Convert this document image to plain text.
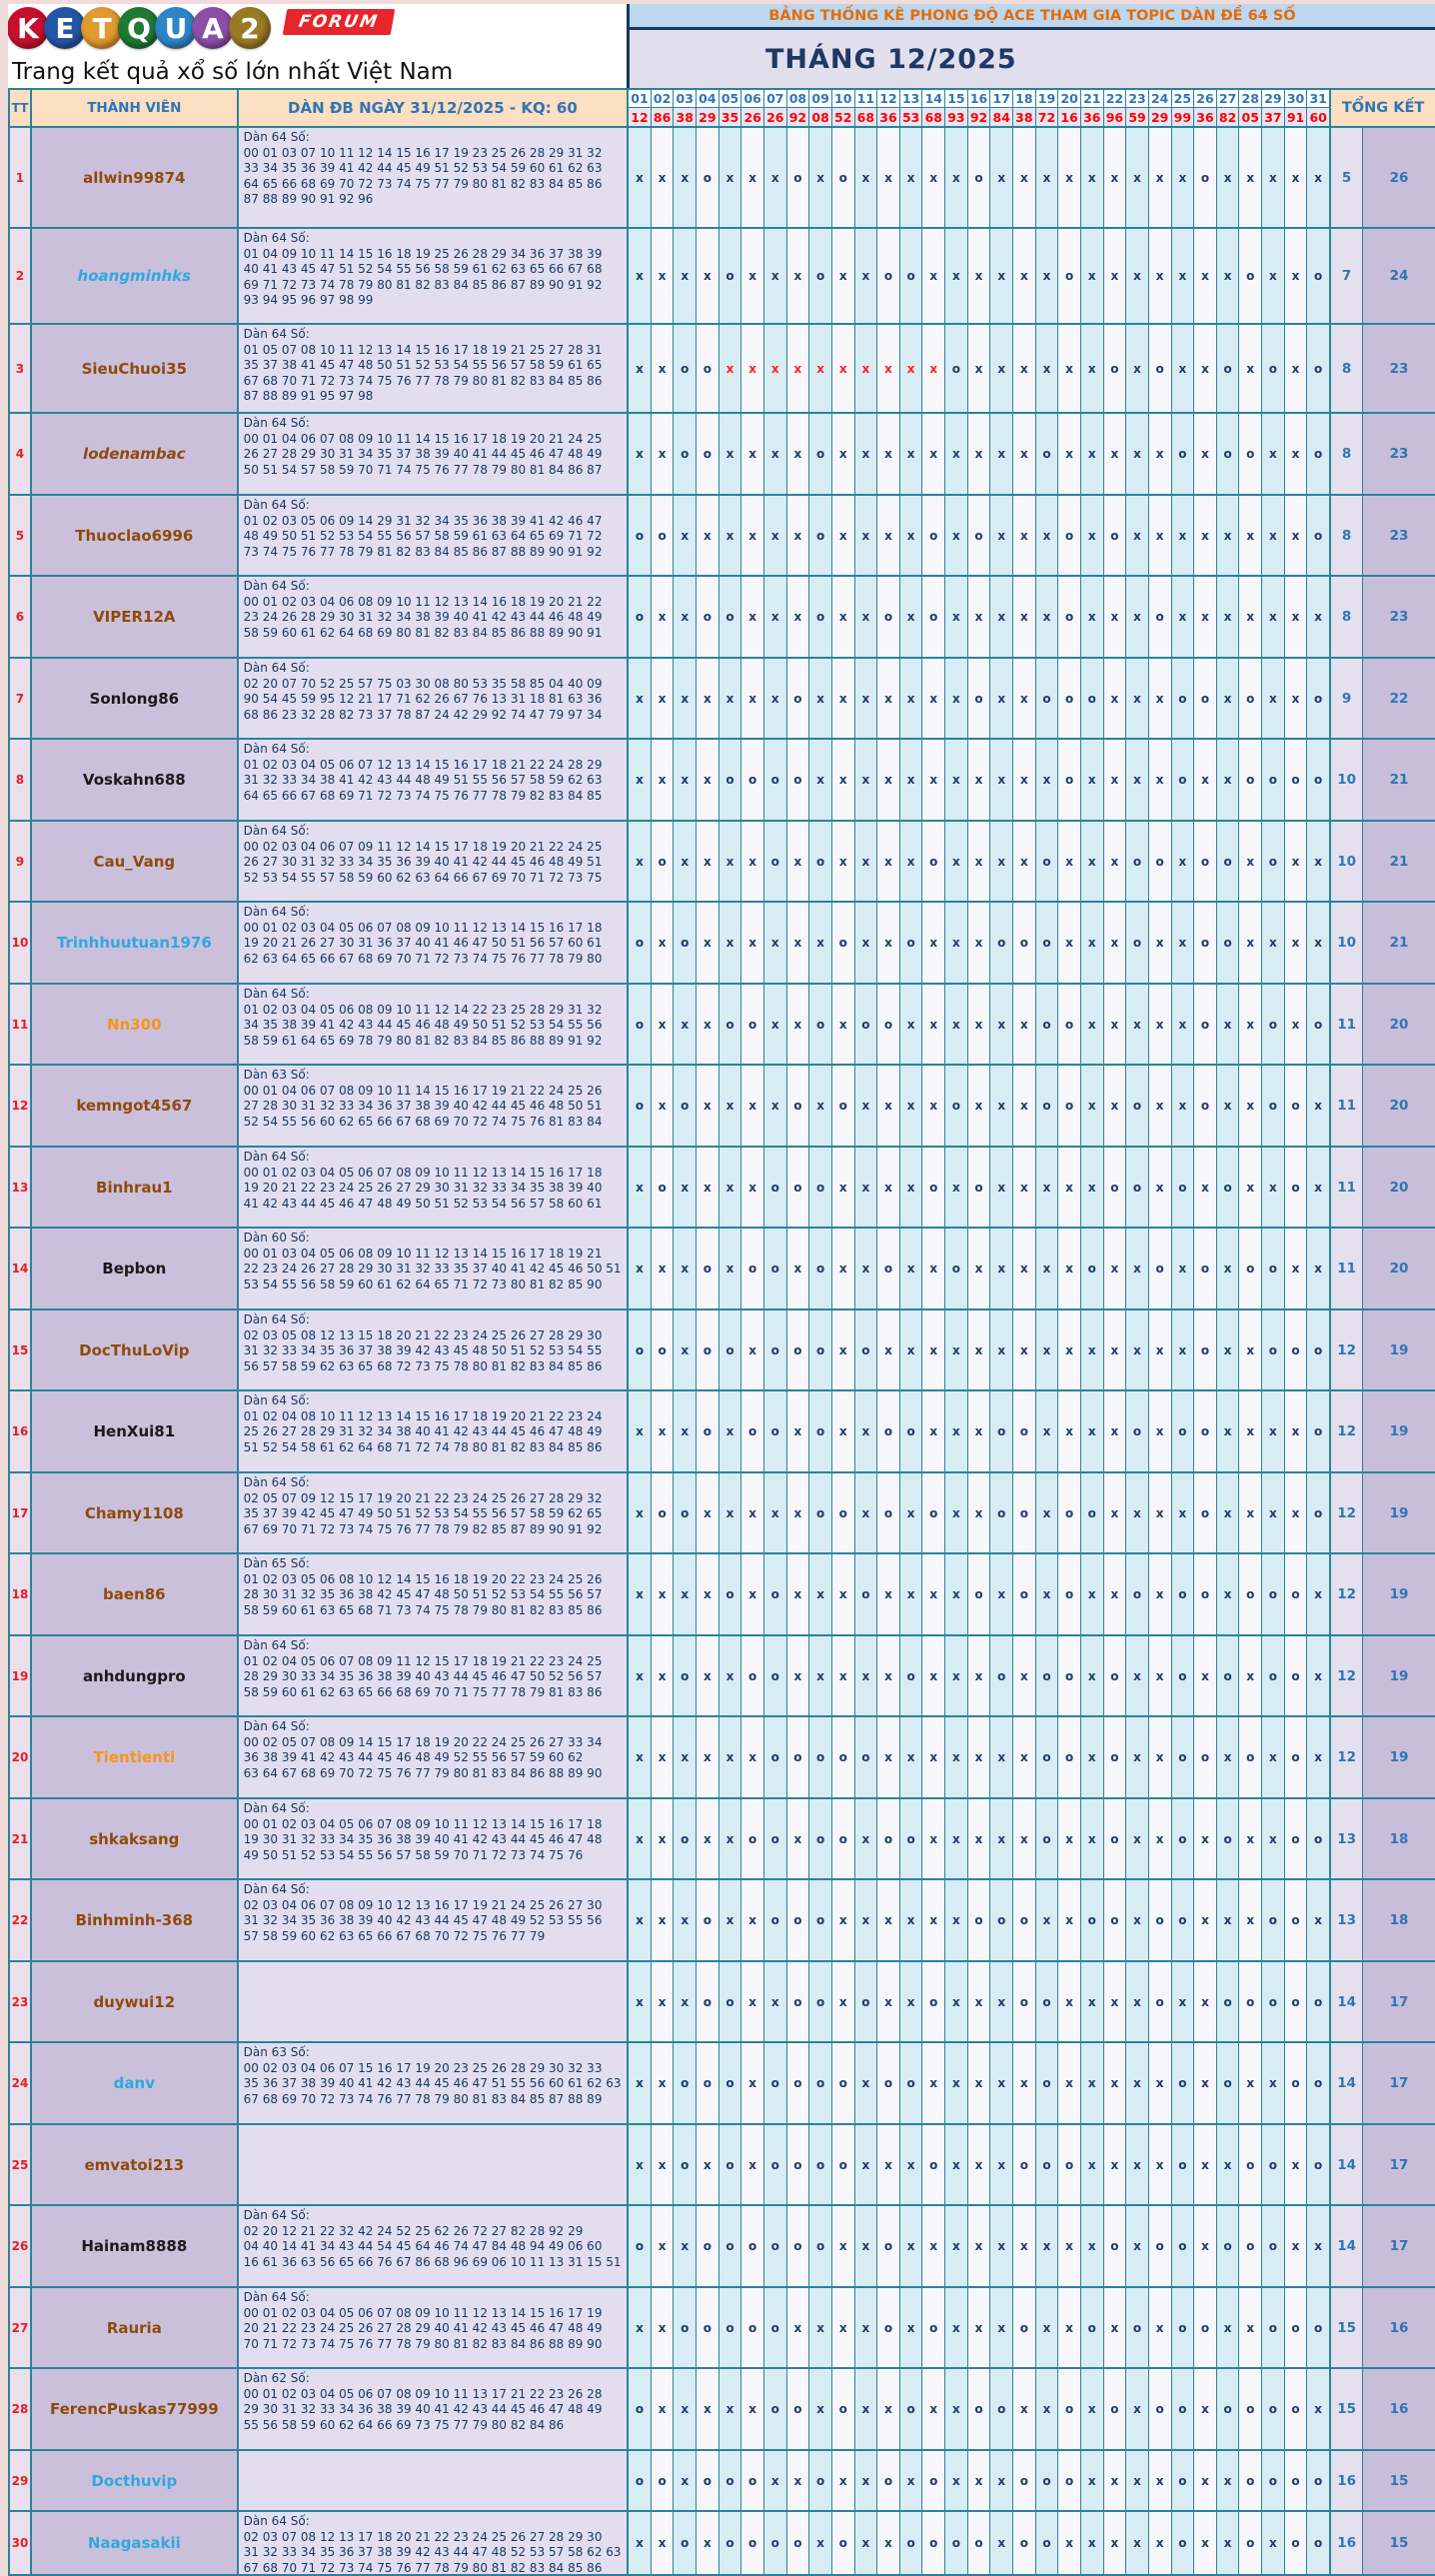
K E T Q U A 2	FORUM
Trang kết quả xổ số lớn nhất Việt Nam
BẢNG THỐNG KÊ PHONG ĐỘ ACE THAM GIA TOPIC DÀN ĐỀ 64 SỐ
THÁNG 12/2025
TT	THÀNH VIÊN	DÀN ĐB NGÀY 31/12/2025 - KQ: 60
01 02 03 04 05 06 07 08 09 10 11 12 13 14 15 16 17 18 19 20 21 22 23 24 25 26 27 28 29 30 31
12 86 38 29 35 26 26 92 08 52 68 36 53 68 93 92 84 38 72 16 36 96 59 29 99 36 82 05 37 91 60
TỔNG KẾT
1	allwin99874
Dàn 64 Số:
00 01 03 07 10 11 12 14 15 16 17 19 23 25 26 28 29 31 32
33 34 35 36 39 41 42 44 45 49 51 52 53 54 59 60 61 62 63
64 65 66 68 69 70 72 73 74 75 77 79 80 81 82 83 84 85 86
87 88 89 90 91 92 96
x	x	x	o	x	x	x	o	x	o	x	x	x	x	x	o	x	x	x	x	x	x	x	x	x	o	x	x	x	x	x	5	26
2	hoangminhks
Dàn 64 Số:
01 04 09 10 11 14 15 16 18 19 25 26 28 29 34 36 37 38 39
40 41 43 45 47 51 52 54 55 56 58 59 61 62 63 65 66 67 68
69 71 72 73 74 78 79 80 81 82 83 84 85 86 87 89 90 91 92
93 94 95 96 97 98 99
x	x	x	x	o	x	x	x	o	x	x	o	o	x	x	x	x	x	x	o	x	x	x	x	x	x	x	o	x	x	o	7	24
3	SieuChuoi35
Dàn 64 Số:
01 05 07 08 10 11 12 13 14 15 16 17 18 19 21 25 27 28 31
35 37 38 41 45 47 48 50 51 52 53 54 55 56 57 58 59 61 65
67 68 70 71 72 73 74 75 76 77 78 79 80 81 82 83 84 85 86
87 88 89 91 95 97 98
x	x	o	o	x	x	x	x	x	x	x	x	x	x	o	x	x	x	x	x	x	o	x	o	x	x	o	x	o	x	o	8	23
4	lodenambac
Dàn 64 Số:
00 01 04 06 07 08 09 10 11 14 15 16 17 18 19 20 21 24 25
26 27 28 29 30 31 34 35 37 38 39 40 41 44 45 46 47 48 49
50 51 54 57 58 59 70 71 74 75 76 77 78 79 80 81 84 86 87
x	x	o	o	x	x	x	x	o	x	x	x	x	x	x	x	x	x	o	x	x	x	x	x	o	x	o	o	x	x	o	8	23
5	Thuoclao6996
Dàn 64 Số:
01 02 03 05 06 09 14 29 31 32 34 35 36 38 39 41 42 46 47
48 49 50 51 52 53 54 55 56 57 58 59 61 63 64 65 69 71 72
73 74 75 76 77 78 79 81 82 83 84 85 86 87 88 89 90 91 92
o	o	x	x	x	x	x	x	o	x	x	x	x	o	x	o	x	x	x	o	x	o	x	x	x	x	x	x	x	x	o	8	23
6	VIPER12A
Dàn 64 Số:
00 01 02 03 04 06 08 09 10 11 12 13 14 16 18 19 20 21 22
23 24 26 28 29 30 31 32 34 38 39 40 41 42 43 44 46 48 49
58 59 60 61 62 64 68 69 80 81 82 83 84 85 86 88 89 90 91
o	x	x	o	o	x	x	x	o	x	x	o	x	o	x	x	x	x	x	o	x	x	x	o	x	x	x	x	x	x	x	8	23
7	Sonlong86
Dàn 64 Số:
02 20 07 70 52 25 57 75 03 30 08 80 53 35 58 85 04 40 09
90 54 45 59 95 12 21 17 71 62 26 67 76 13 31 18 81 63 36
68 86 23 32 28 82 73 37 78 87 24 42 29 92 74 47 79 97 34
x	x	x	x	x	x	x	o	x	x	x	x	x	x	x	o	x	x	o	o	o	x	x	x	o	o	x	o	x	x	o	9	22
8	Voskahn688
Dàn 64 Số:
01 02 03 04 05 06 07 12 13 14 15 16 17 18 21 22 24 28 29
31 32 33 34 38 41 42 43 44 48 49 51 55 56 57 58 59 62 63
64 65 66 67 68 69 71 72 73 74 75 76 77 78 79 82 83 84 85
x	x	x	x	o	o	o	o	x	x	x	x	x	x	x	x	x	x	x	o	x	x	x	x	o	x	x	o	o	o	o	10	21
9	Cau_Vang
Dàn 64 Số:
00 02 03 04 06 07 09 11 12 14 15 17 18 19 20 21 22 24 25
26 27 30 31 32 33 34 35 36 39 40 41 42 44 45 46 48 49 51
52 53 54 55 57 58 59 60 62 63 64 66 67 69 70 71 72 73 75
x	o	x	x	x	x	o	x	o	x	x	x	x	o	x	x	x	x	o	x	x	x	o	o	x	o	o	x	o	x	x	10	21
10	Trinhhuutuan1976
Dàn 64 Số:
00 01 02 03 04 05 06 07 08 09 10 11 12 13 14 15 16 17 18
19 20 21 26 27 30 31 36 37 40 41 46 47 50 51 56 57 60 61
62 63 64 65 66 67 68 69 70 71 72 73 74 75 76 77 78 79 80
o	x	o	x	x	x	x	x	x	o	x	x	o	x	x	x	o	o	o	x	x	x	o	x	x	o	o	x	x	x	x	10	21
11	Nn300
Dàn 64 Số:
01 02 03 04 05 06 08 09 10 11 12 14 22 23 25 28 29 31 32
34 35 38 39 41 42 43 44 45 46 48 49 50 51 52 53 54 55 56
58 59 61 64 65 69 78 79 80 81 82 83 84 85 86 88 89 91 92
o	x	x	x	o	o	x	x	o	x	o	o	x	x	x	x	x	x	o	o	x	x	x	x	x	o	x	x	o	x	o	11	20
12	kemngot4567
Dàn 63 Số:
00 01 04 06 07 08 09 10 11 14 15 16 17 19 21 22 24 25 26
27 28 30 31 32 33 34 36 37 38 39 40 42 44 45 46 48 50 51
52 54 55 56 60 62 65 66 67 68 69 70 72 74 75 76 81 83 84
o	x	o	x	x	x	x	o	x	o	x	x	x	x	o	x	x	x	o	o	x	x	o	x	x	o	x	x	o	o	x	11	20
13	Binhrau1
Dàn 64 Số:
00 01 02 03 04 05 06 07 08 09 10 11 12 13 14 15 16 17 18
19 20 21 22 23 24 25 26 27 29 30 31 32 33 34 35 38 39 40
41 42 43 44 45 46 47 48 49 50 51 52 53 54 56 57 58 60 61
x	o	x	x	x	x	o	o	o	x	x	x	x	o	x	o	x	x	x	x	x	o	o	x	o	x	o	x	x	o	x	11	20
14	Bepbon
Dàn 60 Số:
00 01 03 04 05 06 08 09 10 11 12 13 14 15 16 17 18 19 21
22 23 24 26 27 28 29 30 31 32 33 35 37 40 41 42 45 46 50 51
53 54 55 56 58 59 60 61 62 64 65 71 72 73 80 81 82 85 90
x	x	x	o	x	o	o	x	o	x	x	o	x	x	o	x	x	x	x	x	o	x	x	o	x	o	x	o	o	x	x	11	20
15	DocThuLoVip
Dàn 64 Số:
02 03 05 08 12 13 15 18 20 21 22 23 24 25 26 27 28 29 30
31 32 33 34 35 36 37 38 39 42 43 45 48 50 51 52 53 54 55
56 57 58 59 62 63 65 68 72 73 75 78 80 81 82 83 84 85 86
o	o	x	o	o	x	o	o	o	x	o	x	x	x	x	x	x	x	x	x	x	x	x	x	x	o	x	x	o	o	o	12	19
16	HenXui81
Dàn 64 Số:
01 02 04 08 10 11 12 13 14 15 16 17 18 19 20 21 22 23 24
25 26 27 28 29 31 32 34 38 40 41 42 43 44 45 46 47 48 49
51 52 54 58 61 62 64 68 71 72 74 78 80 81 82 83 84 85 86
x	x	x	o	x	o	o	x	o	x	x	o	o	x	x	x	o	o	x	x	x	x	o	x	o	o	x	x	x	x	o	12	19
17	Chamy1108
Dàn 64 Số:
02 05 07 09 12 15 17 19 20 21 22 23 24 25 26 27 28 29 32
35 37 39 42 45 47 49 50 51 52 53 54 55 56 57 58 59 62 65
67 69 70 71 72 73 74 75 76 77 78 79 82 85 87 89 90 91 92
x	o	o	x	x	x	x	x	o	o	x	o	x	o	x	x	o	o	x	o	o	x	x	x	x	o	x	x	x	x	o	12	19
18	baen86
Dàn 65 Số:
01 02 03 05 06 08 10 12 14 15 16 18 19 20 22 23 24 25 26
28 30 31 32 35 36 38 42 45 47 48 50 51 52 53 54 55 56 57
58 59 60 61 63 65 68 71 73 74 75 78 79 80 81 82 83 85 86
x	x	x	x	o	x	o	x	x	x	o	x	x	x	x	o	x	o	x	o	x	x	o	x	o	o	x	o	o	o	x	12	19
19	anhdungpro
Dàn 64 Số:
01 02 04 05 06 07 08 09 11 12 15 17 18 19 21 22 23 24 25
28 29 30 33 34 35 36 38 39 40 43 44 45 46 47 50 52 56 57
58 59 60 61 62 63 65 66 68 69 70 71 75 77 78 79 81 83 86
x	x	o	x	x	o	o	x	x	x	x	x	o	x	x	x	o	x	o	o	x	o	x	x	o	x	o	x	o	o	x	12	19
20	Tientienti
Dàn 64 Số:
00 02 05 07 08 09 14 15 17 18 19 20 22 24 25 26 27 33 34
36 38 39 41 42 43 44 45 46 48 49 52 55 56 57 59 60 62
63 64 67 68 69 70 72 75 76 77 79 80 81 83 84 86 88 89 90
x	x	x	x	x	x	o	o	o	o	o	x	x	x	x	x	x	x	o	o	x	o	x	x	o	o	x	o	x	o	x	12	19
21	shkaksang
Dàn 64 Số:
00 01 02 03 04 05 06 07 08 09 10 11 12 13 14 15 16 17 18
19 30 31 32 33 34 35 36 38 39 40 41 42 43 44 45 46 47 48
49 50 51 52 53 54 55 56 57 58 59 70 71 72 73 74 75 76
x	x	o	x	x	o	o	x	o	o	x	o	o	x	x	x	x	x	o	x	x	o	x	x	o	x	o	x	x	o	o	13	18
22	Binhminh-368
Dàn 64 Số:
02 03 04 06 07 08 09 10 12 13 16 17 19 21 24 25 26 27 30
31 32 34 35 36 38 39 40 42 43 44 45 47 48 49 52 53 55 56
57 58 59 60 62 63 65 66 67 68 70 72 75 76 77 79
x	x	x	o	x	x	o	o	o	x	x	x	x	x	x	o	o	o	x	x	o	o	x	o	o	x	x	x	o	o	x	13	18
23	duywui12	x	x	x	o	o	x	x	o	o	x	o	x	x	o	x	x	x	o	o	x	x	x	x	o	x	x	o	o	o	o	o	14	17
24	danv
Dàn 63 Số:
00 02 03 04 06 07 15 16 17 19 20 23 25 26 28 29 30 32 33
35 36 37 38 39 40 41 42 43 44 45 46 47 51 55 56 60 61 62 63
67 68 69 70 72 73 74 76 77 78 79 80 81 83 84 85 87 88 89
x	x	o	o	o	x	o	o	o	o	x	o	o	x	x	x	x	x	o	x	x	x	x	x	o	x	o	x	x	o	o	14	17
25	emvatoi213	x	x	o	x	o	x	o	o	o	o	x	x	x	o	x	x	x	o	o	o	x	x	x	x	o	x	x	o	o	x	o	14	17
26	Hainam8888
Dàn 64 Số:
02 20 12 21 22 32 42 24 52 25 62 26 72 27 82 28 92 29
04 40 14 41 34 43 44 54 45 64 46 74 47 84 48 94 49 06 60
16 61 36 63 56 65 66 76 67 86 68 96 69 06 10 11 13 31 15 51
o	x	x	o	o	o	o	o	o	x	x	o	x	x	x	x	x	x	x	x	x	o	x	o	o	x	o	o	o	x	x	14	17
27	Rauria
Dàn 64 Số:
00 01 02 03 04 05 06 07 08 09 10 11 12 13 14 15 16 17 19
20 21 22 23 24 25 26 27 28 29 40 41 42 43 45 46 47 48 49
70 71 72 73 74 75 76 77 78 79 80 81 82 83 84 86 88 89 90
x	x	o	o	o	o	o	x	x	x	x	o	x	o	x	x	x	o	x	x	o	x	o	x	o	o	x	x	o	o	o	15	16
28	FerencPuskas77999
Dàn 62 Số:
00 01 02 03 04 05 06 07 08 09 10 11 13 17 21 22 23 26 28
29 30 31 32 33 34 36 38 39 40 41 42 43 44 45 46 47 48 49
55 56 58 59 60 62 64 66 69 73 75 77 79 80 82 84 86
o	x	x	x	x	x	o	o	x	o	x	x	o	x	x	o	o	x	x	o	x	o	x	o	o	x	o	o	o	o	x	15	16
29	Docthuvip	o	o	x	o	o	o	x	x	o	x	x	o	x	o	x	x	x	o	o	o	x	x	x	x	o	x	x	o	o	o	o	16	15
30	Naagasakii
Dàn 64 Số:
02 03 07 08 12 13 17 18 20 21 22 23 24 25 26 27 28 29 30
31 32 33 34 35 36 37 38 39 42 43 44 47 48 52 53 57 58 62 63
67 68 70 71 72 73 74 75 76 77 78 79 80 81 82 83 84 85 86
x	x	o	x	o	o	o	o	x	o	x	x	o	o	o	o	x	o	o	x	x	x	x	x	o	x	x	o	x	o	o	16	15
